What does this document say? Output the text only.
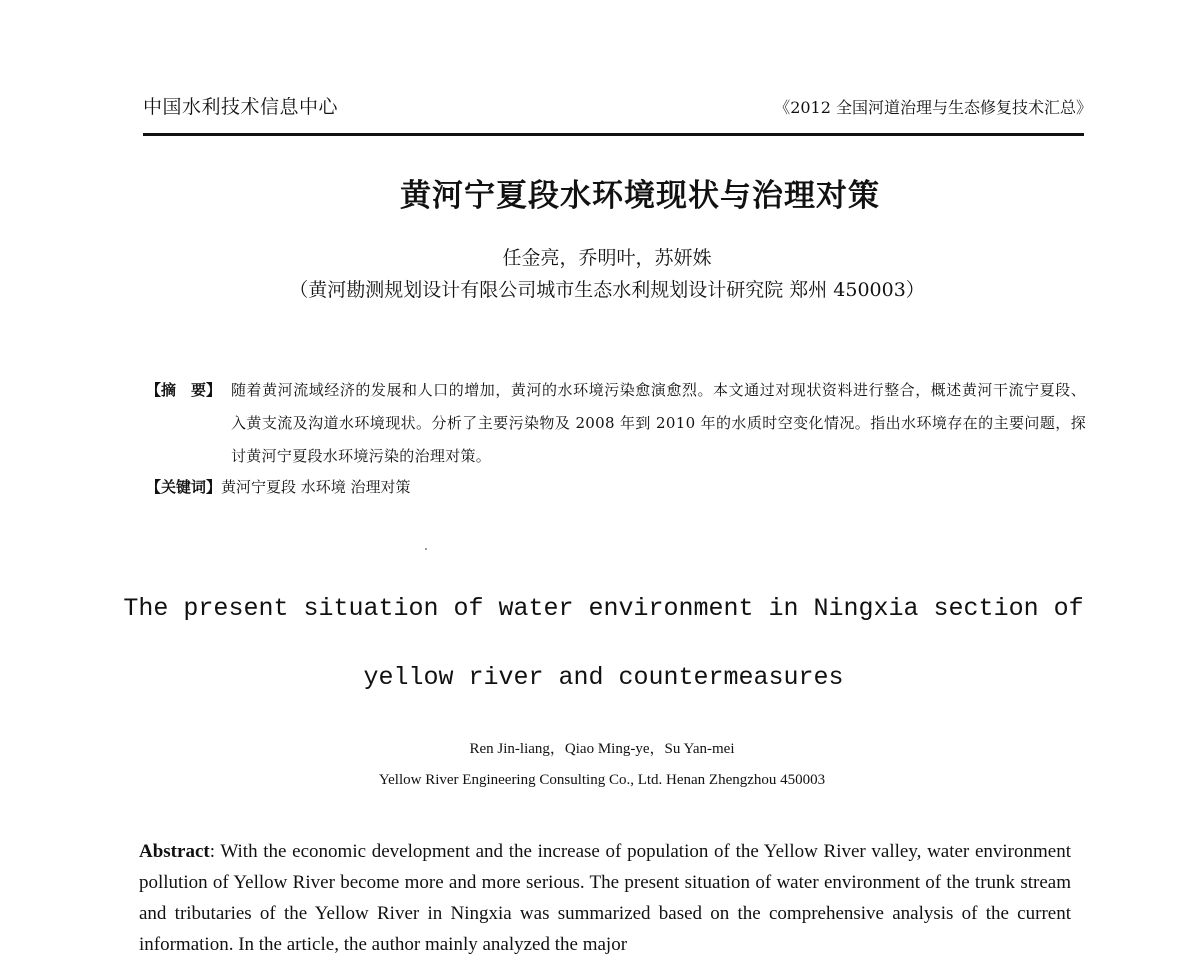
中国水利技术信息中心	《2012 全国河道治理与生态修复技术汇总》
黄河宁夏段水环境现状与治理对策
任金亮，乔明叶，苏妍姝
（黄河勘测规划设计有限公司城市生态水利规划设计研究院 郑州 450003）
【摘　要】 随着黄河流域经济的发展和人口的增加，黄河的水环境污染愈演愈烈。本文通过对现状资料进行整合，概述黄河干流宁夏段、入黄支流及沟道水环境现状。分析了主要污染物及 2008 年到 2010 年的水质时空变化情况。指出水环境存在的主要问题，探讨黄河宁夏段水环境污染的治理对策。
【关键词】黄河宁夏段 水环境 治理对策
The present situation of water environment in Ningxia section of
yellow river and countermeasures
Ren Jin-liang，Qiao Ming-ye，Su Yan-mei
Yellow River Engineering Consulting Co., Ltd. Henan Zhengzhou 450003
Abstract: With the economic development and the increase of population of the Yellow River valley, water environment pollution of Yellow River become more and more serious. The present situation of water environment of the trunk stream and tributaries of the Yellow River in Ningxia was summarized based on the comprehensive analysis of the current information. In the article, the author mainly analyzed the major
